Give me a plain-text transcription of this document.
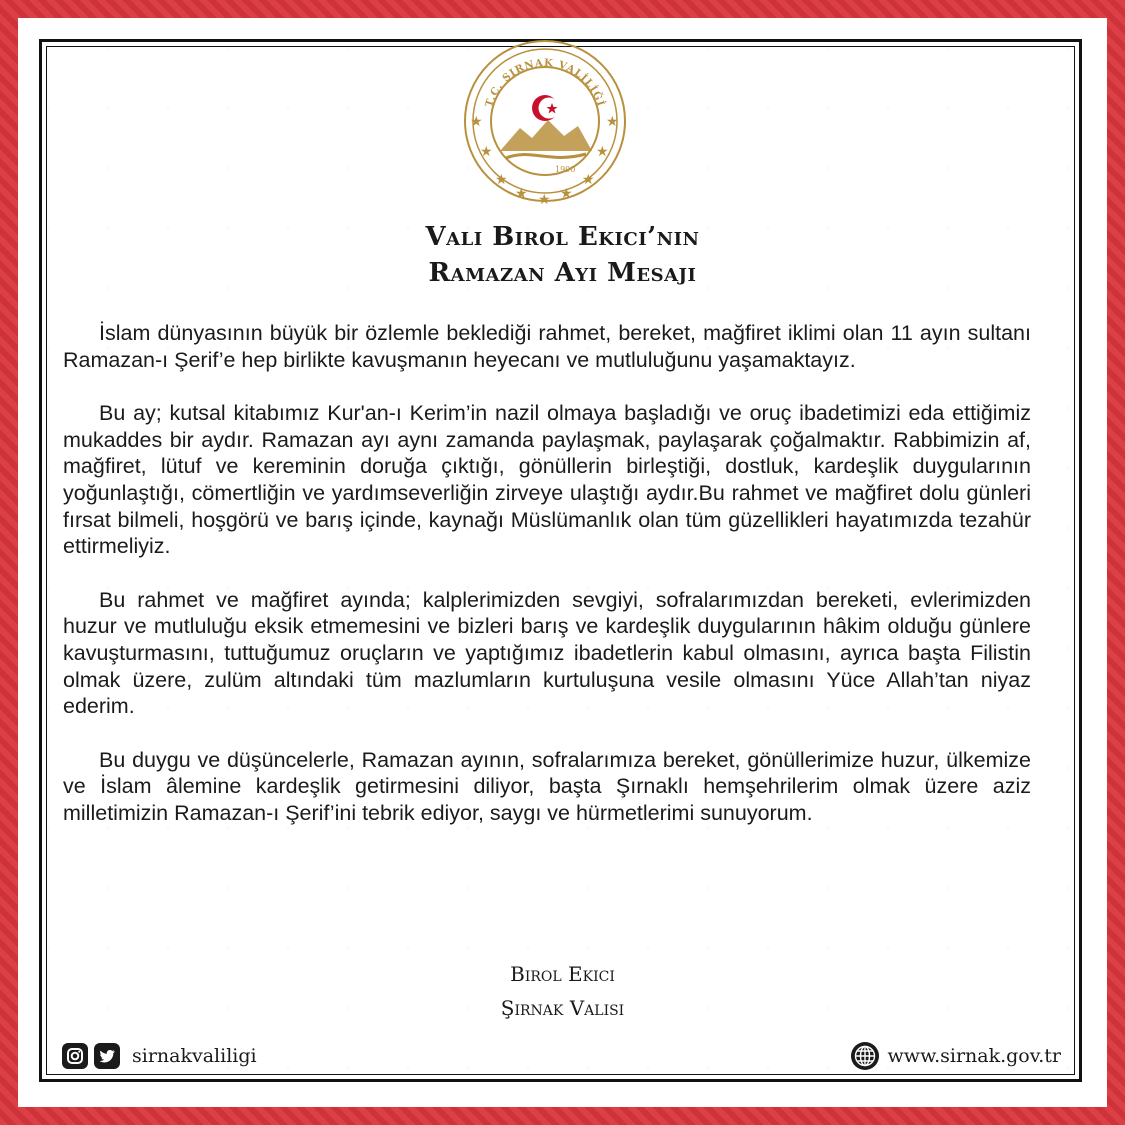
★	★
★	★
★ ★
★
★	★
T.C. ŞIRNAK VALİLİĞİ
1990
Vali Birol Ekici’nin
Ramazan Ayı Mesajı

İslam dünyasının büyük bir özlemle beklediği rahmet, bereket, mağfiret iklimi olan 11 ayın sultanı Ramazan-ı Şerif’e hep birlikte kavuşmanın heyecanı ve mutluluğunu yaşamaktayız.

Bu ay; kutsal kitabımız Kur'an-ı Kerim’in nazil olmaya başladığı ve oruç ibadetimizi eda ettiğimiz mukaddes bir aydır. Ramazan ayı aynı zamanda paylaşmak, paylaşarak çoğalmaktır. Rabbimizin af, mağfiret, lütuf ve kereminin doruğa çıktığı, gönüllerin birleştiği, dostluk, kardeşlik duygularının yoğunlaştığı, cömertliğin ve yardımseverliğin zirveye ulaştığı aydır.Bu rahmet ve mağfiret dolu günleri fırsat bilmeli, hoşgörü ve barış içinde, kaynağı Müslümanlık olan tüm güzellikleri hayatımızda tezahür ettirmeliyiz.

Bu rahmet ve mağfiret ayında; kalplerimizden sevgiyi, sofralarımızdan bereketi, evlerimizden huzur ve mutluluğu eksik etmemesini ve bizleri barış ve kardeşlik duygularının hâkim olduğu günlere kavuşturmasını, tuttuğumuz oruçların ve yaptığımız ibadetlerin kabul olmasını, ayrıca başta Filistin olmak üzere, zulüm altındaki tüm mazlumların kurtuluşuna vesile olmasını Yüce Allah’tan niyaz ederim.

Bu duygu ve düşüncelerle, Ramazan ayının, sofralarımıza bereket, gönüllerimize huzur, ülkemize ve İslam âlemine kardeşlik getirmesini diliyor, başta Şırnaklı hemşehrilerim olmak üzere aziz milletimizin Ramazan-ı Şerif’ini tebrik ediyor, saygı ve hürmetlerimi sunuyorum.

Birol Ekici
Şırnak Valisi
sirnakvaliligi	www.sirnak.gov.tr
